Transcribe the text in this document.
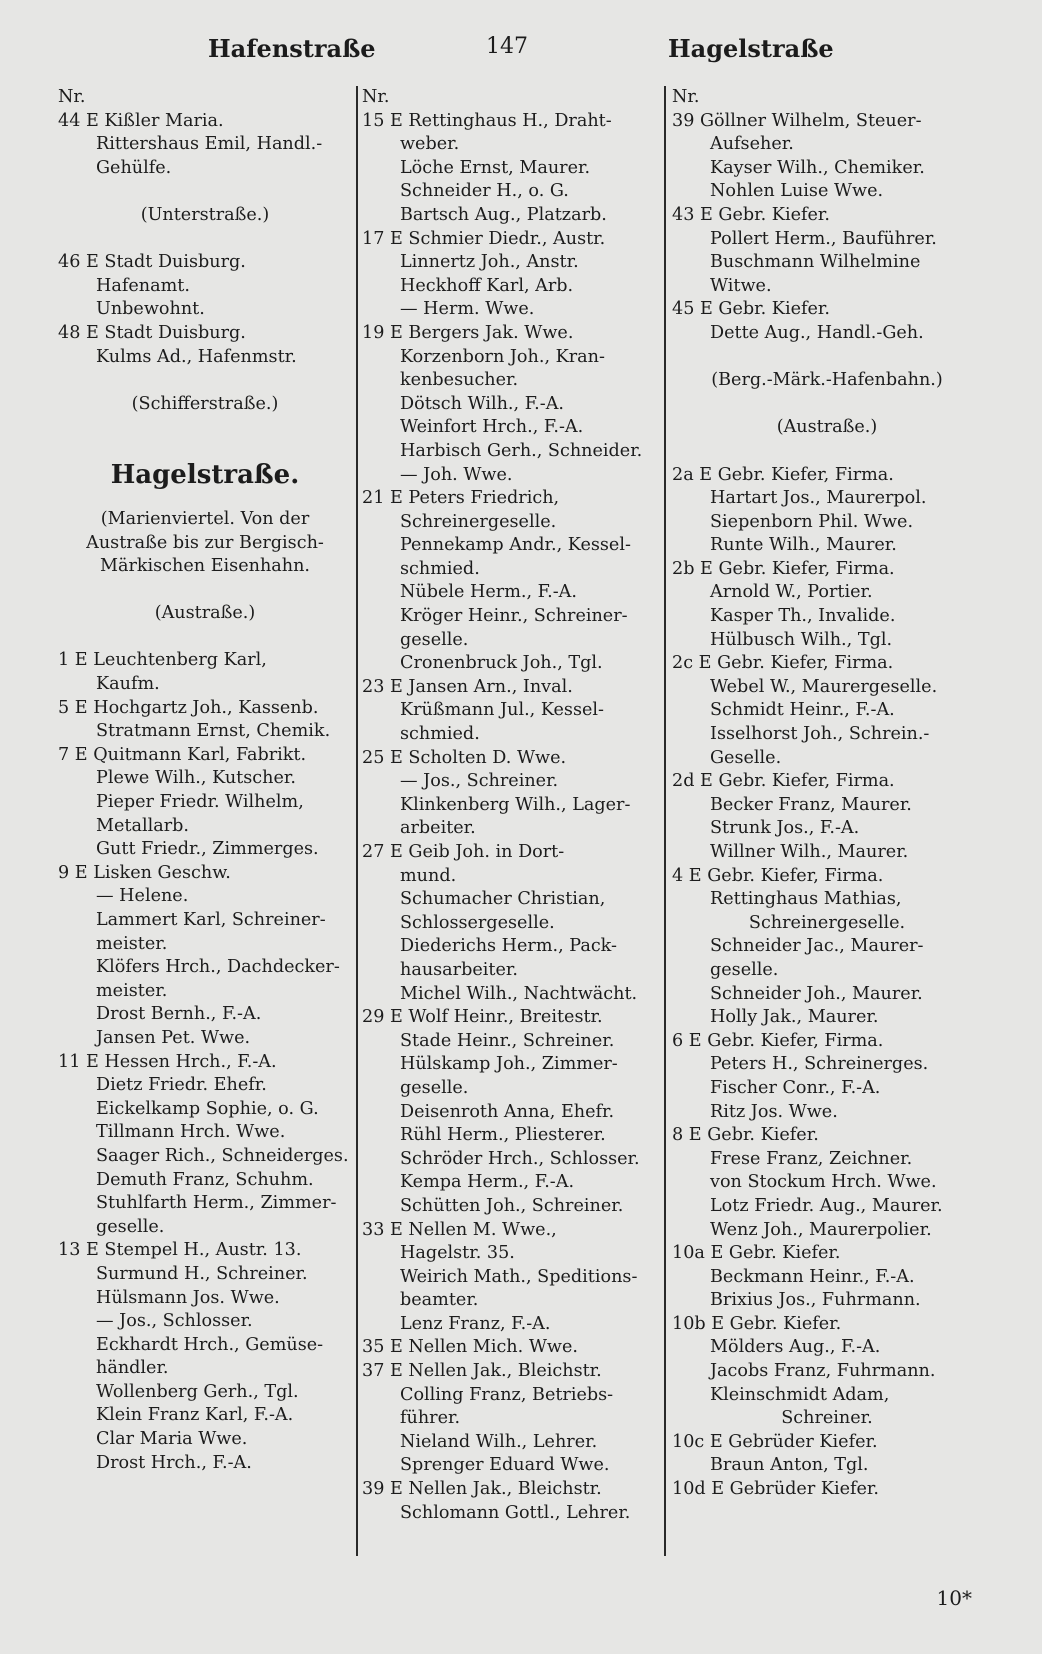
Hafenstraße	147	Hagelstraße
Nr.
44 E Kißler Maria.
Rittershaus Emil, Handl.-
Gehülfe.
(Unterstraße.)
46 E Stadt Duisburg.
Hafenamt.
Unbewohnt.
48 E Stadt Duisburg.
Kulms Ad., Hafenmstr.
(Schifferstraße.)
Hagelstraße.
(Marienviertel. Von der
Austraße bis zur Bergisch-
Märkischen Eisenhahn.
(Austraße.)
1 E Leuchtenberg Karl,
Kaufm.
5 E Hochgartz Joh., Kassenb.
Stratmann Ernst, Chemik.
7 E Quitmann Karl, Fabrikt.
Plewe Wilh., Kutscher.
Pieper Friedr. Wilhelm,
Metallarb.
Gutt Friedr., Zimmerges.
9 E Lisken Geschw.
— Helene.
Lammert Karl, Schreiner-
meister.
Klöfers Hrch., Dachdecker-
meister.
Drost Bernh., F.-A.
Jansen Pet. Wwe.
11 E Hessen Hrch., F.-A.
Dietz Friedr. Ehefr.
Eickelkamp Sophie, o. G.
Tillmann Hrch. Wwe.
Saager Rich., Schneiderges.
Demuth Franz, Schuhm.
Stuhlfarth Herm., Zimmer-
geselle.
13 E Stempel H., Austr. 13.
Surmund H., Schreiner.
Hülsmann Jos. Wwe.
— Jos., Schlosser.
Eckhardt Hrch., Gemüse-
händler.
Wollenberg Gerh., Tgl.
Klein Franz Karl, F.-A.
Clar Maria Wwe.
Drost Hrch., F.-A.
Nr.
15 E Rettinghaus H., Draht-
weber.
Löche Ernst, Maurer.
Schneider H., o. G.
Bartsch Aug., Platzarb.
17 E Schmier Diedr., Austr.
Linnertz Joh., Anstr.
Heckhoff Karl, Arb.
— Herm. Wwe.
19 E Bergers Jak. Wwe.
Korzenborn Joh., Kran-
kenbesucher.
Dötsch Wilh., F.-A.
Weinfort Hrch., F.-A.
Harbisch Gerh., Schneider.
— Joh. Wwe.
21 E Peters Friedrich,
Schreinergeselle.
Pennekamp Andr., Kessel-
schmied.
Nübele Herm., F.-A.
Kröger Heinr., Schreiner-
geselle.
Cronenbruck Joh., Tgl.
23 E Jansen Arn., Inval.
Krüßmann Jul., Kessel-
schmied.
25 E Scholten D. Wwe.
— Jos., Schreiner.
Klinkenberg Wilh., Lager-
arbeiter.
27 E Geib Joh. in Dort-
mund.
Schumacher Christian,
Schlossergeselle.
Diederichs Herm., Pack-
hausarbeiter.
Michel Wilh., Nachtwächt.
29 E Wolf Heinr., Breitestr.
Stade Heinr., Schreiner.
Hülskamp Joh., Zimmer-
geselle.
Deisenroth Anna, Ehefr.
Rühl Herm., Pliesterer.
Schröder Hrch., Schlosser.
Kempa Herm., F.-A.
Schütten Joh., Schreiner.
33 E Nellen M. Wwe.,
Hagelstr. 35.
Weirich Math., Speditions-
beamter.
Lenz Franz, F.-A.
35 E Nellen Mich. Wwe.
37 E Nellen Jak., Bleichstr.
Colling Franz, Betriebs-
führer.
Nieland Wilh., Lehrer.
Sprenger Eduard Wwe.
39 E Nellen Jak., Bleichstr.
Schlomann Gottl., Lehrer.
Nr.
39 Göllner Wilhelm, Steuer-
Aufseher.
Kayser Wilh., Chemiker.
Nohlen Luise Wwe.
43 E Gebr. Kiefer.
Pollert Herm., Bauführer.
Buschmann Wilhelmine
Witwe.
45 E Gebr. Kiefer.
Dette Aug., Handl.-Geh.
(Berg.-Märk.-Hafenbahn.)
(Austraße.)
2a E Gebr. Kiefer, Firma.
Hartart Jos., Maurerpol.
Siepenborn Phil. Wwe.
Runte Wilh., Maurer.
2b E Gebr. Kiefer, Firma.
Arnold W., Portier.
Kasper Th., Invalide.
Hülbusch Wilh., Tgl.
2c E Gebr. Kiefer, Firma.
Webel W., Maurergeselle.
Schmidt Heinr., F.-A.
Isselhorst Joh., Schrein.-
Geselle.
2d E Gebr. Kiefer, Firma.
Becker Franz, Maurer.
Strunk Jos., F.-A.
Willner Wilh., Maurer.
4 E Gebr. Kiefer, Firma.
Rettinghaus Mathias,
Schreinergeselle.
Schneider Jac., Maurer-
geselle.
Schneider Joh., Maurer.
Holly Jak., Maurer.
6 E Gebr. Kiefer, Firma.
Peters H., Schreinerges.
Fischer Conr., F.-A.
Ritz Jos. Wwe.
8 E Gebr. Kiefer.
Frese Franz, Zeichner.
von Stockum Hrch. Wwe.
Lotz Friedr. Aug., Maurer.
Wenz Joh., Maurerpolier.
10a E Gebr. Kiefer.
Beckmann Heinr., F.-A.
Brixius Jos., Fuhrmann.
10b E Gebr. Kiefer.
Mölders Aug., F.-A.
Jacobs Franz, Fuhrmann.
Kleinschmidt Adam,
Schreiner.
10c E Gebrüder Kiefer.
Braun Anton, Tgl.
10d E Gebrüder Kiefer.
10*
